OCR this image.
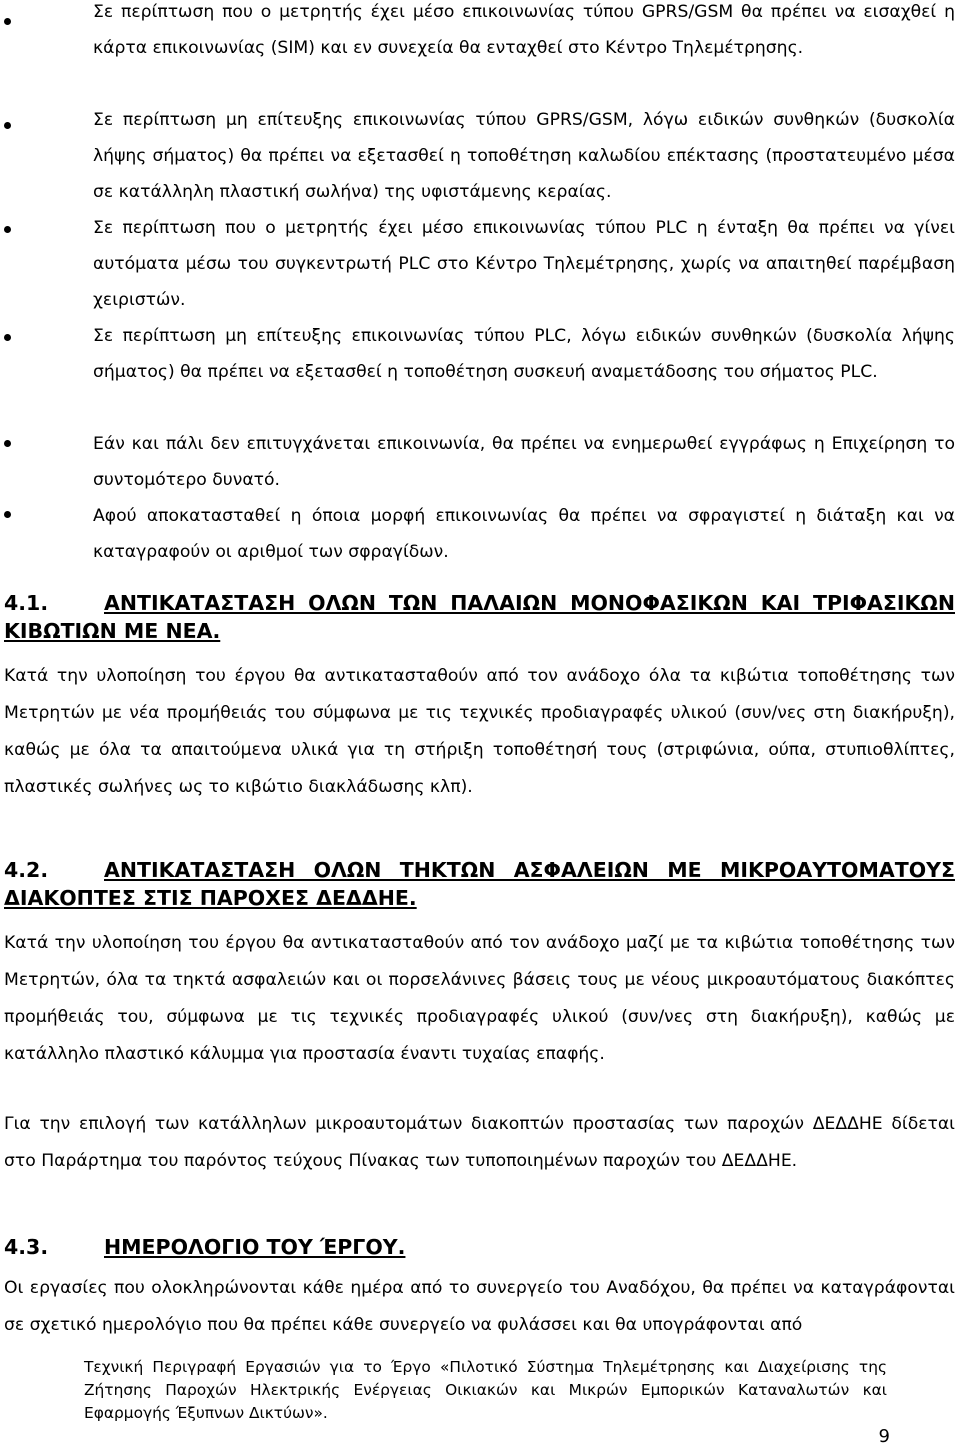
Σε περίπτωση που ο μετρητής έχει μέσο επικοινωνίας τύπου GPRS/GSM θα πρέπει να εισαχθεί η κάρτα επικοινωνίας (SIM) και εν συνεχεία θα ενταχθεί στο Κέντρο Τηλεμέτρησης.
Σε περίπτωση μη επίτευξης επικοινωνίας τύπου GPRS/GSM, λόγω ειδικών συνθηκών (δυσκολία λήψης σήματος) θα πρέπει να εξετασθεί η τοποθέτηση καλωδίου επέκτασης (προστατευμένο μέσα σε κατάλληλη πλαστική σωλήνα) της υφιστάμενης κεραίας.
Σε περίπτωση που ο μετρητής έχει μέσο επικοινωνίας τύπου PLC η ένταξη θα πρέπει να γίνει αυτόματα μέσω του συγκεντρωτή PLC στο Κέντρο Τηλεμέτρησης, χωρίς να απαιτηθεί παρέμβαση χειριστών.
Σε περίπτωση μη επίτευξης επικοινωνίας τύπου PLC, λόγω ειδικών συνθηκών (δυσκολία λήψης σήματος) θα πρέπει να εξετασθεί η τοποθέτηση συσκευή αναμετάδοσης του σήματος PLC.
Εάν και πάλι δεν επιτυγχάνεται επικοινωνία, θα πρέπει να ενημερωθεί εγγράφως η Επιχείρηση το συντομότερο δυνατό.
Αφού αποκατασταθεί η όποια μορφή επικοινωνίας θα πρέπει να σφραγιστεί η διάταξη και να καταγραφούν οι αριθμοί των σφραγίδων.
4.1.	ΑΝΤΙΚΑΤΑΣΤΑΣΗ ΟΛΩΝ ΤΩΝ ΠΑΛΑΙΩΝ ΜΟΝΟΦΑΣΙΚΩΝ ΚΑΙ ΤΡΙΦΑΣΙΚΩΝ ΚΙΒΩΤΙΩΝ ΜΕ ΝΕΑ.
Κατά την υλοποίηση του έργου θα αντικατασταθούν από τον ανάδοχο όλα τα κιβώτια τοποθέτησης των Μετρητών με νέα προμήθειάς του σύμφωνα με τις τεχνικές προδιαγραφές υλικού (συν/νες στη διακήρυξη), καθώς με όλα τα απαιτούμενα υλικά για τη στήριξη τοποθέτησή τους (στριφώνια, ούπα, στυπιοθλίπτες, πλαστικές σωλήνες ως το κιβώτιο διακλάδωσης κλπ).
4.2.	ΑΝΤΙΚΑΤΑΣΤΑΣΗ ΟΛΩΝ ΤΗΚΤΩΝ ΑΣΦΑΛΕΙΩΝ ΜΕ ΜΙΚΡΟΑΥΤΟΜΑΤΟΥΣ ΔΙΑΚΟΠΤΕΣ ΣΤΙΣ ΠΑΡΟΧΕΣ ΔΕΔΔΗΕ.
Κατά την υλοποίηση του έργου θα αντικατασταθούν από τον ανάδοχο μαζί με τα κιβώτια τοποθέτησης των Μετρητών, όλα τα τηκτά ασφαλειών και οι πορσελάνινες βάσεις τους με νέους μικροαυτόματους διακόπτες προμήθειάς του, σύμφωνα με τις τεχνικές προδιαγραφές υλικού (συν/νες στη διακήρυξη), καθώς με κατάλληλο πλαστικό κάλυμμα για προστασία έναντι τυχαίας επαφής.
Για την επιλογή των κατάλληλων μικροαυτομάτων διακοπτών προστασίας των παροχών ΔΕΔΔΗΕ δίδεται στο Παράρτημα του παρόντος τεύχους Πίνακας των τυποποιημένων παροχών του ΔΕΔΔΗΕ.
4.3.	ΗΜΕΡΟΛΟΓΙΟ ΤΟΥ ΈΡΓΟΥ.
Οι εργασίες που ολοκληρώνονται κάθε ημέρα από το συνεργείο του Αναδόχου, θα πρέπει να καταγράφονται σε σχετικό ημερολόγιο που θα πρέπει κάθε συνεργείο να φυλάσσει και θα υπογράφονται από
Τεχνική Περιγραφή Εργασιών για το Έργο «Πιλοτικό Σύστημα Τηλεμέτρησης και Διαχείρισης της Ζήτησης Παροχών Ηλεκτρικής Ενέργειας Οικιακών και Μικρών Εμπορικών Καταναλωτών και Εφαρμογής Έξυπνων Δικτύων».
9
